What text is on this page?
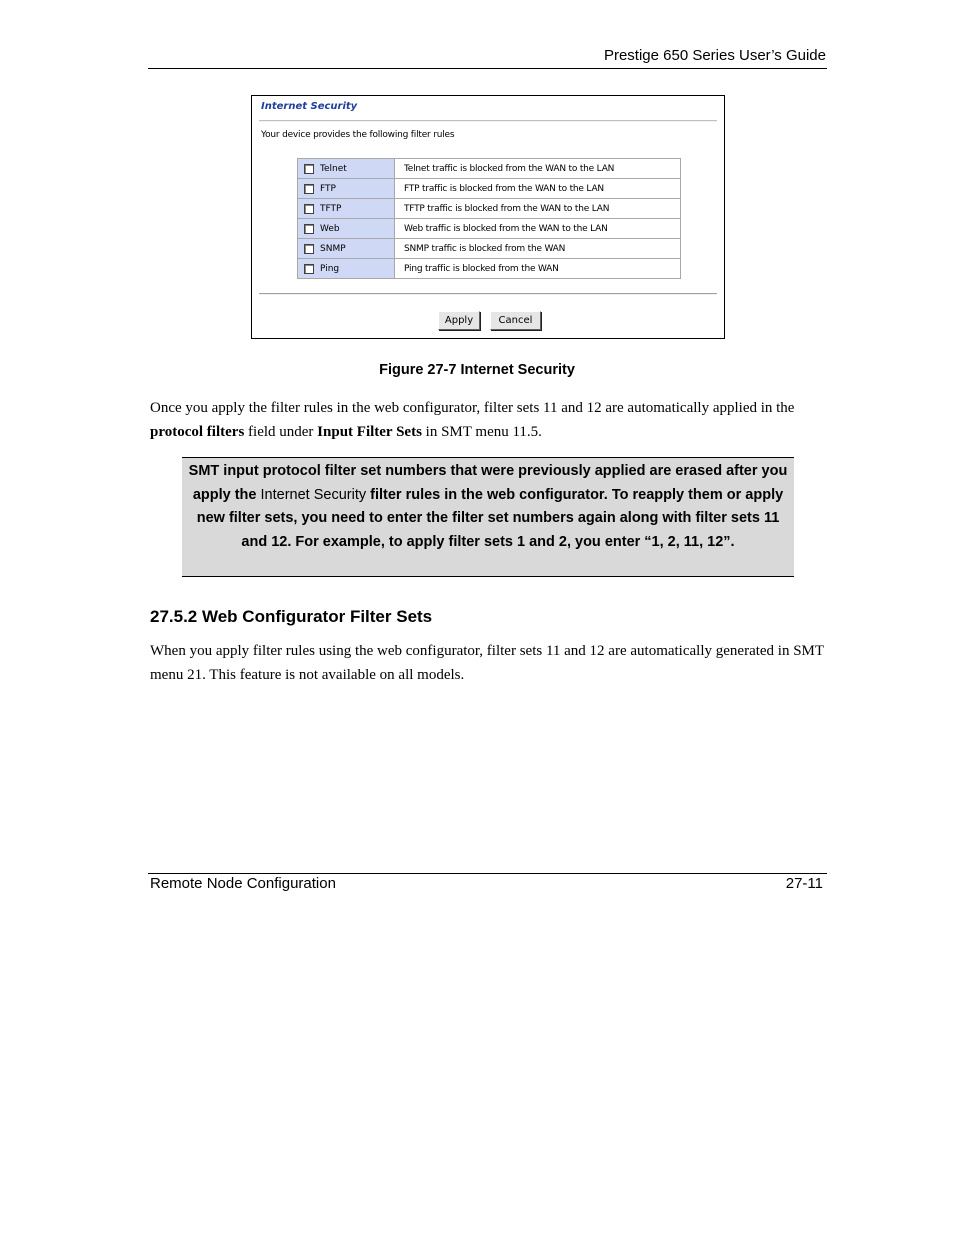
Prestige 650 Series User’s Guide
Internet Security
Your device provides the following filter rules
Telnet	Telnet traffic is blocked from the WAN to the LAN
FTP	FTP traffic is blocked from the WAN to the LAN
TFTP	TFTP traffic is blocked from the WAN to the LAN
Web	Web traffic is blocked from the WAN to the LAN
SNMP	SNMP traffic is blocked from the WAN
Ping	Ping traffic is blocked from the WAN
Apply	Cancel
Figure 27-7 Internet Security
Once you apply the filter rules in the web configurator, filter sets 11 and 12 are automatically applied in the protocol filters field under Input Filter Sets in SMT menu 11.5.
SMT input protocol filter set numbers that were previously applied are erased after you apply the Internet Security filter rules in the web configurator. To reapply them or apply new filter sets, you need to enter the filter set numbers again along with filter sets 11 and 12. For example, to apply filter sets 1 and 2, you enter “1, 2, 11, 12”.
27.5.2 Web Configurator Filter Sets
When you apply filter rules using the web configurator, filter sets 11 and 12 are automatically generated in SMT menu 21. This feature is not available on all models.
Remote Node Configuration	27-11
